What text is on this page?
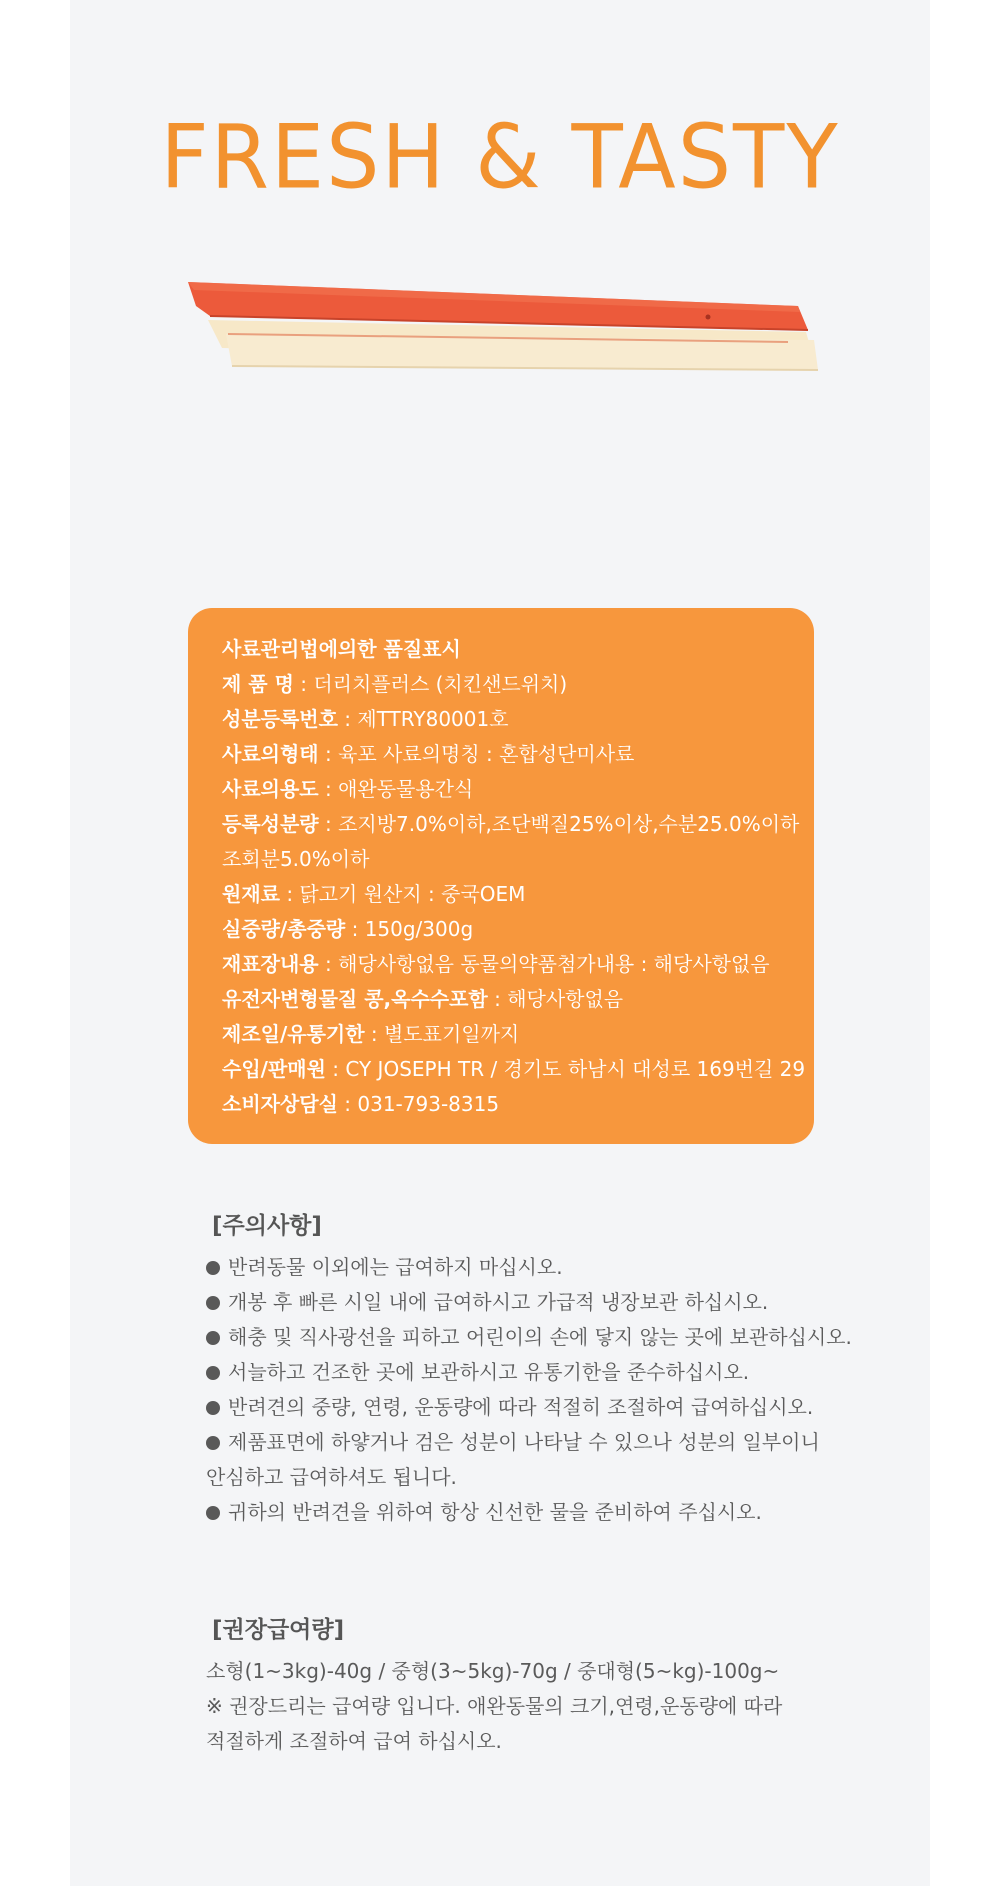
FRESH & TASTY
사료관리법에의한 품질표시
제 품 명 : 더리치플러스 (치킨샌드위치)
성분등록번호 : 제TTRY80001호
사료의형태 : 육포 사료의명칭 : 혼합성단미사료
사료의용도 : 애완동물용간식
등록성분량 : 조지방7.0%이하,조단백질25%이상,수분25.0%이하
조회분5.0%이하
원재료 : 닭고기 원산지 : 중국OEM
실중량/총중량 : 150g/300g
재표장내용 : 해당사항없음 동물의약품첨가내용 : 해당사항없음
유전자변형물질 콩,옥수수포함 : 해당사항없음
제조일/유통기한 : 별도표기일까지
수입/판매원 : CY JOSEPH TR / 경기도 하남시 대성로 169번길 29
소비자상담실 : 031-793-8315
[주의사항]
반려동물 이외에는 급여하지 마십시오.
개봉 후 빠른 시일 내에 급여하시고 가급적 냉장보관 하십시오.
해충 및 직사광선을 피하고 어린이의 손에 닿지 않는 곳에 보관하십시오.
서늘하고 건조한 곳에 보관하시고 유통기한을 준수하십시오.
반려견의 중량, 연령, 운동량에 따라 적절히 조절하여 급여하십시오.
제품표면에 하얗거나 검은 성분이 나타날 수 있으나 성분의 일부이니
안심하고 급여하셔도 됩니다.
귀하의 반려견을 위하여 항상 신선한 물을 준비하여 주십시오.
[권장급여량]

소형(1~3kg)-40g / 중형(3~5kg)-70g / 중대형(5~kg)-100g~

※ 권장드리는 급여량 입니다. 애완동물의 크기,연령,운동량에 따라

적절하게 조절하여 급여 하십시오.
